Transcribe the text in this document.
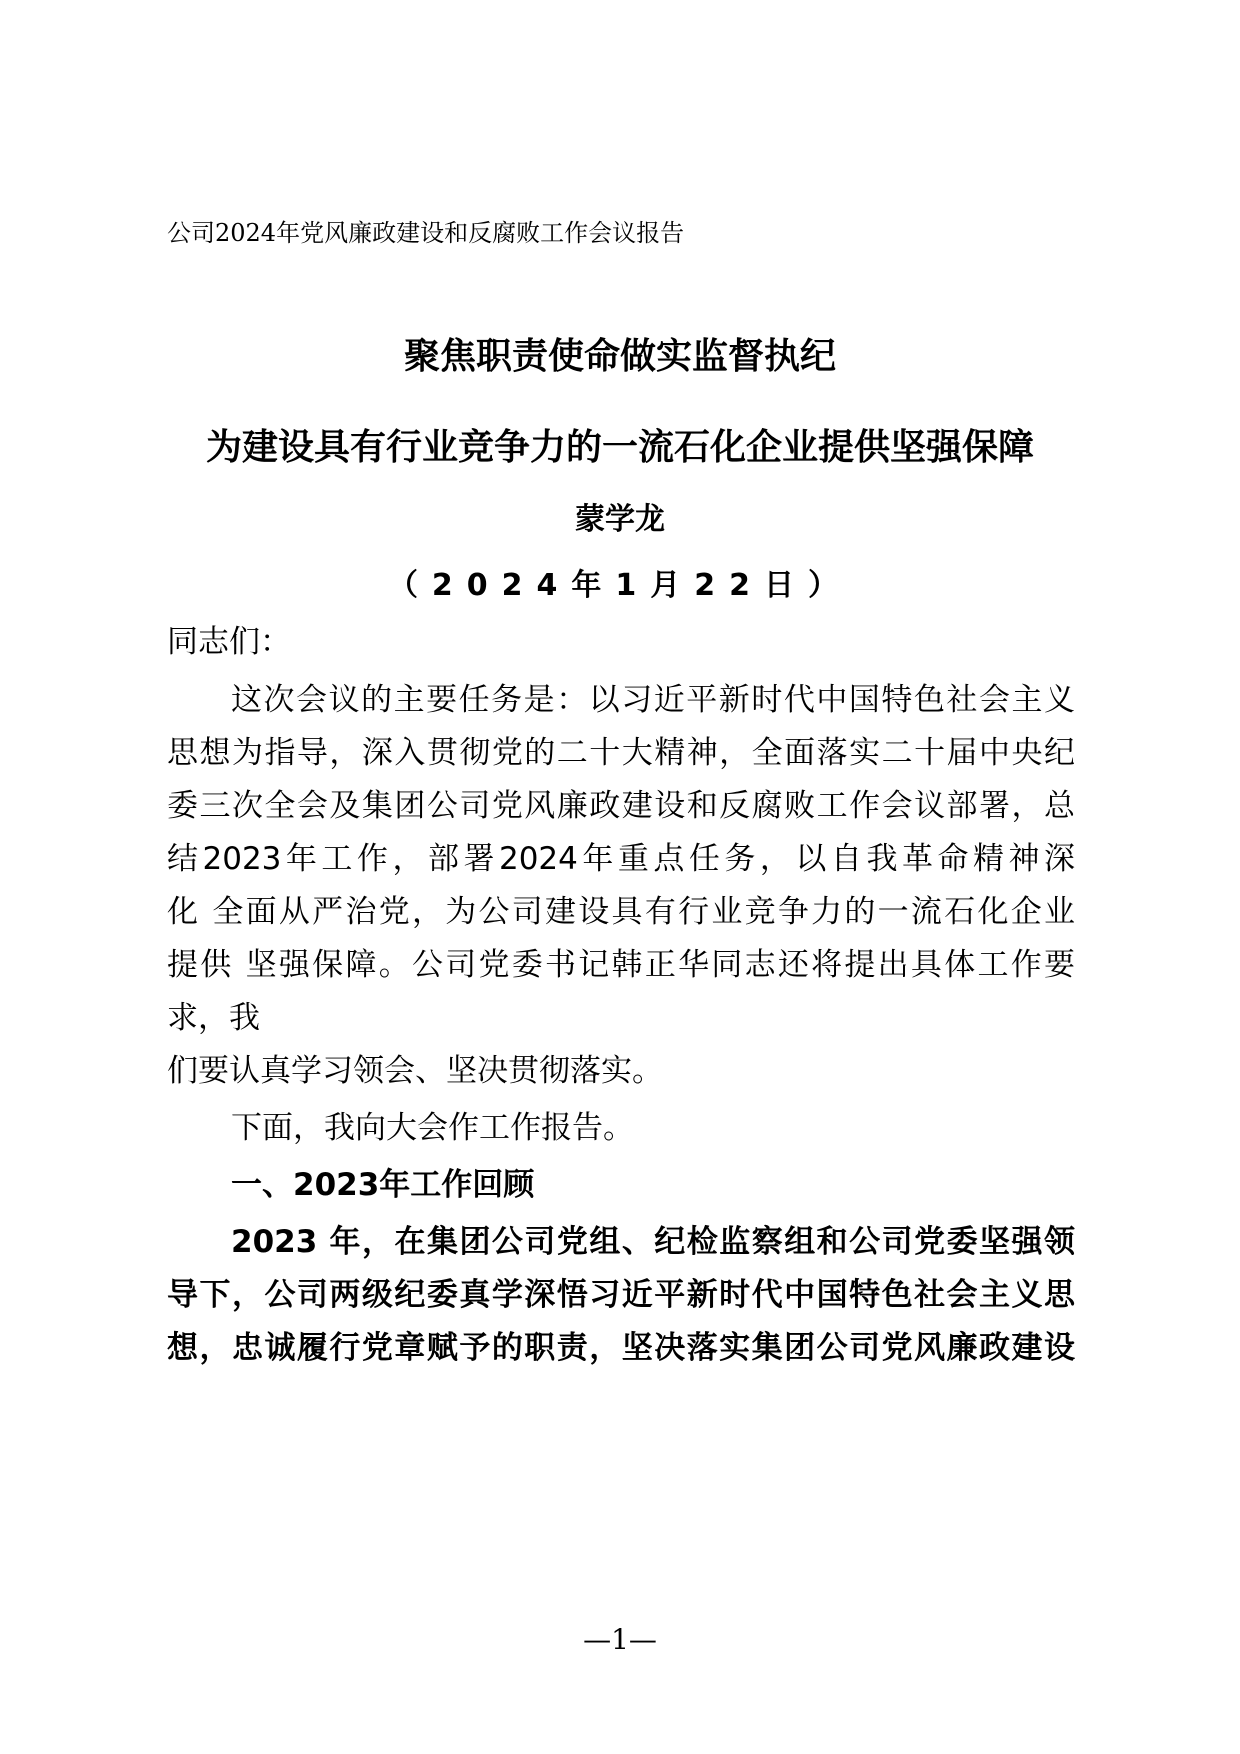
公司2024年党风廉政建设和反腐败工作会议报告
聚焦职责使命做实监督执纪
为建设具有行业竞争力的一流石化企业提供坚强保障
蒙学龙
（2024年1月22日）
同志们：
这次会议的主要任务是：以习近平新时代中国特色社会主义
思想为指导，深入贯彻党的二十大精神，全面落实二十届中央纪
委三次全会及集团公司党风廉政建设和反腐败工作会议部署，总
结2023年工作，部署2024年重点任务，以自我革命精神深
化 全面从严治党，为公司建设具有行业竞争力的一流石化企业
提供 坚强保障。公司党委书记韩正华同志还将提出具体工作要
求，我
们要认真学习领会、坚决贯彻落实。
下面，我向大会作工作报告。
一、2023年工作回顾
2023 年，在集团公司党组、纪检监察组和公司党委坚强领
导下，公司两级纪委真学深悟习近平新时代中国特色社会主义思
想，忠诚履行党章赋予的职责，坚决落实集团公司党风廉政建设
—1—
